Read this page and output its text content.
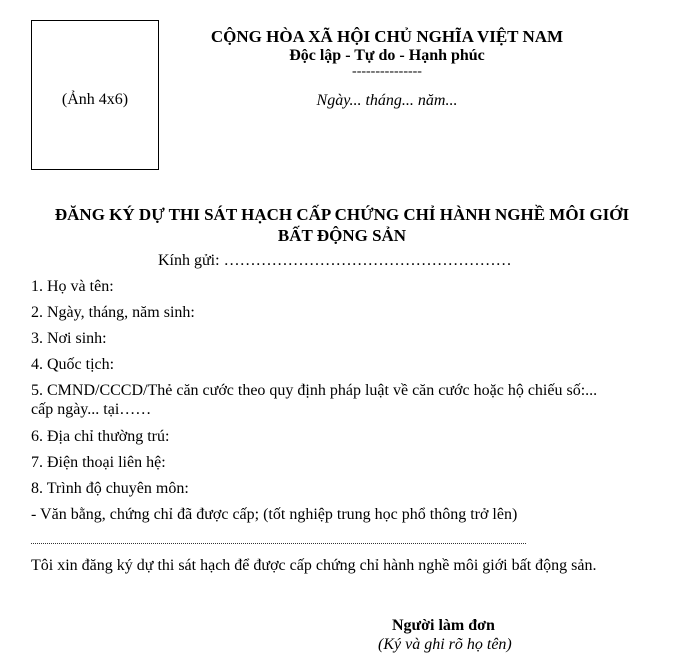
(Ảnh 4x6)
CỘNG HÒA XÃ HỘI CHỦ NGHĨA VIỆT NAM
Độc lập - Tự do - Hạnh phúc
---------------
Ngày... tháng... năm...
ĐĂNG KÝ DỰ THI SÁT HẠCH CẤP CHỨNG CHỈ HÀNH NGHỀ MÔI GIỚI
BẤT ĐỘNG SẢN
Kính gửi: ………………………………………………
1. Họ và tên:
2. Ngày, tháng, năm sinh:
3. Nơi sinh:
4. Quốc tịch:
5. CMND/CCCD/Thẻ căn cước theo quy định pháp luật về căn cước hoặc hộ chiếu số:...
cấp ngày... tại……
6. Địa chỉ thường trú:
7. Điện thoại liên hệ:
8. Trình độ chuyên môn:
- Văn bằng, chứng chỉ đã được cấp; (tốt nghiệp trung học phổ thông trở lên)
Tôi xin đăng ký dự thi sát hạch để được cấp chứng chỉ hành nghề môi giới bất động sản.
Người làm đơn
(Ký và ghi rõ họ tên)
